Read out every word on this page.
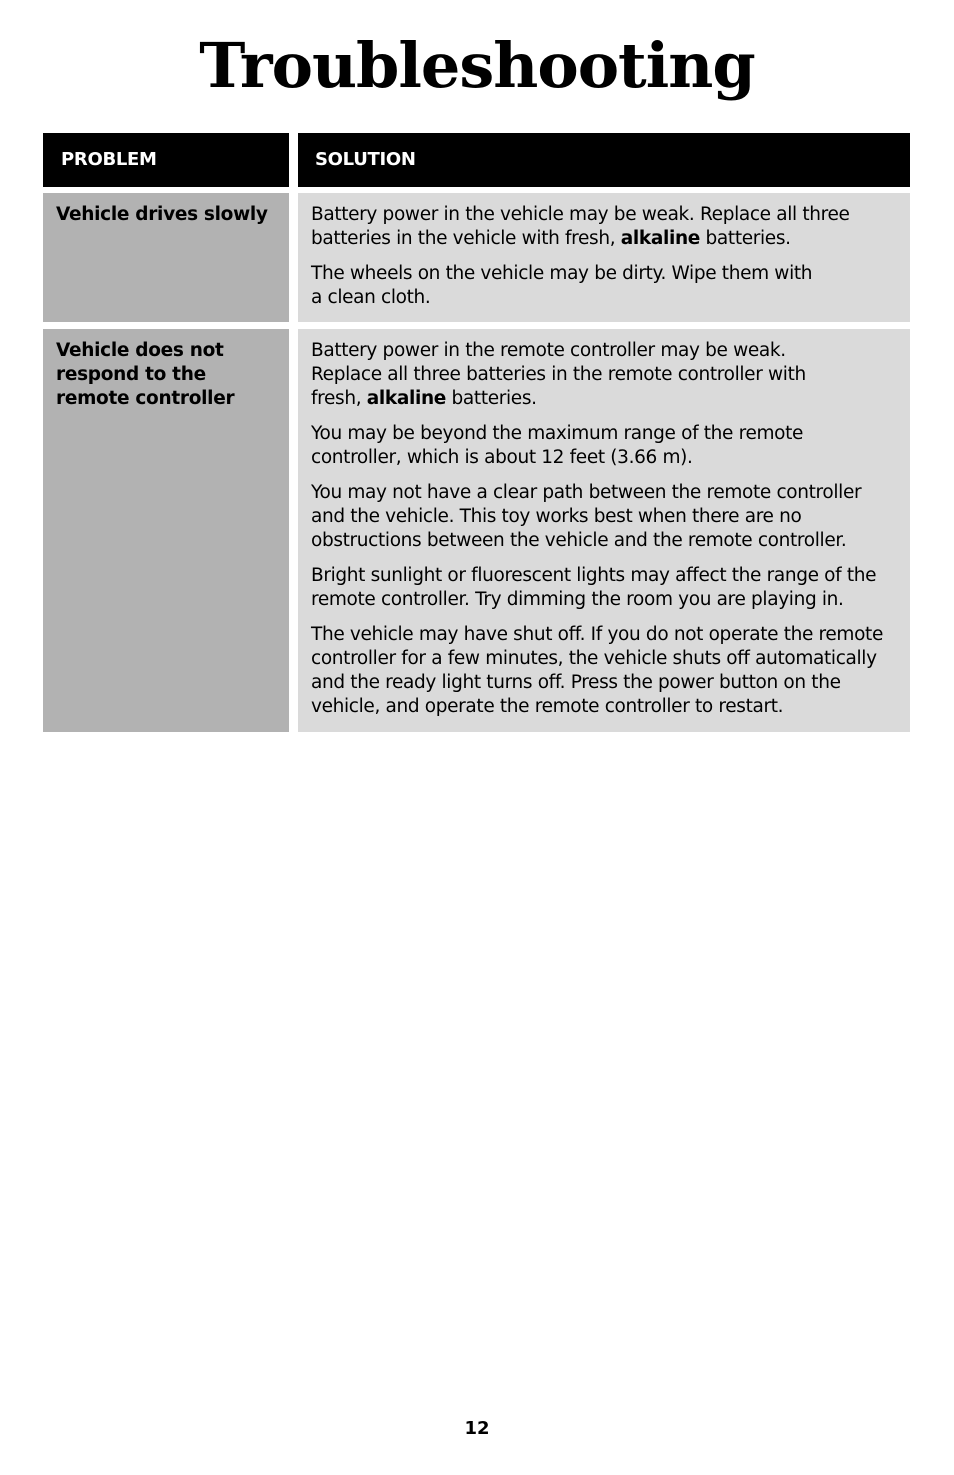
Troubleshooting
PROBLEM	SOLUTION
Vehicle drives slowly	Battery power in the vehicle may be weak. Replace all three
batteries in the vehicle with fresh, alkaline batteries.

The wheels on the vehicle may be dirty. Wipe them with
a clean cloth.

Vehicle does not
respond to the
remote controller

Battery power in the remote controller may be weak.
Replace all three batteries in the remote controller with
fresh, alkaline batteries.

You may be beyond the maximum range of the remote
controller, which is about 12 feet (3.66 m).

You may not have a clear path between the remote controller
and the vehicle. This toy works best when there are no
obstructions between the vehicle and the remote controller.

Bright sunlight or fluorescent lights may affect the range of the
remote controller. Try dimming the room you are playing in.

The vehicle may have shut off. If you do not operate the remote
controller for a few minutes, the vehicle shuts off automatically
and the ready light turns off. Press the power button on the
vehicle, and operate the remote controller to restart.

12
